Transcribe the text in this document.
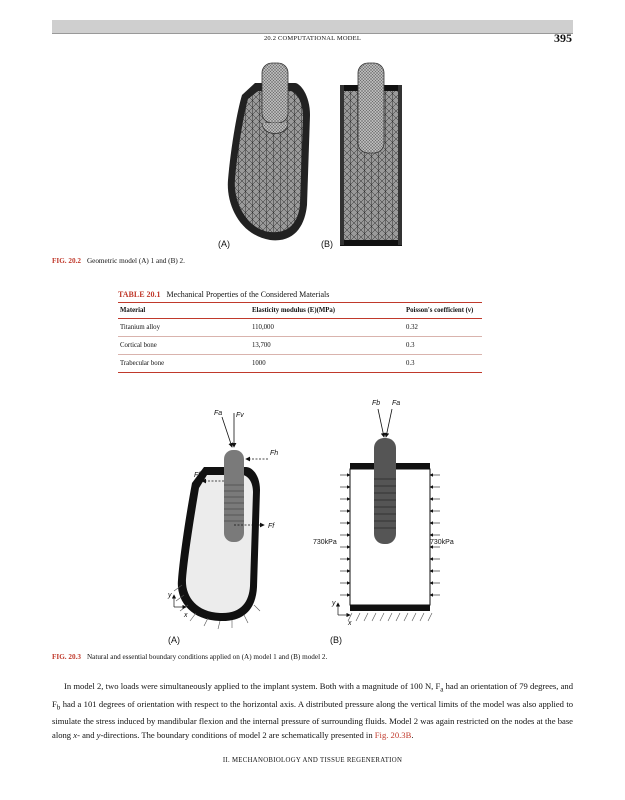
20.2 COMPUTATIONAL MODEL	395
(A)	(B)
FIG. 20.2 Geometric model (A) 1 and (B) 2.
TABLE 20.1 Mechanical Properties of the Considered Materials
Material	Elasticity modulus (E)(MPa)	Poisson's coefficient (ν)
Titanium alloy	110,000	0.32
Cortical bone	13,700	0.3
Trabecular bone	1000	0.3
Fa Fv
Fh
Ff
Ff
Fb Fa
y
x
y
x
730kPa	730kPa
(A)	(B)
FIG. 20.3 Natural and essential boundary conditions applied on (A) model 1 and (B) model 2.
In model 2, two loads were simultaneously applied to the implant system. Both with a magnitude of 100 N, $F_a$ had an orientation of 79 degrees, and $F_b$ had a 101 degrees of orientation with respect to the horizontal axis. A distributed pressure along the vertical limits of the model was also applied to simulate the stress induced by mandibular flexion and the internal pressure of surrounding fluids. Model 2 was again restricted on the nodes at the base along x- and y-directions. The boundary conditions of model 2 are schematically presented in Fig. 20.3B.
II. MECHANOBIOLOGY AND TISSUE REGENERATION
